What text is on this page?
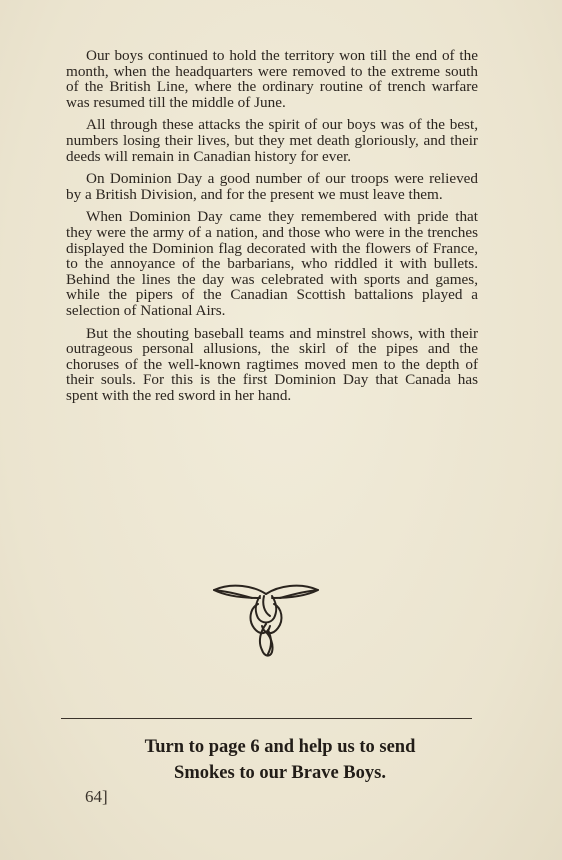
Our boys continued to hold the territory won till the end of the month, when the headquarters were removed to the extreme south of the British Line, where the ordinary routine of trench warfare was resumed till the middle of June.

All through these attacks the spirit of our boys was of the best, numbers losing their lives, but they met death gloriously, and their deeds will remain in Canadian history for ever.

On Dominion Day a good number of our troops were relieved by a British Division, and for the present we must leave them.

When Dominion Day came they remembered with pride that they were the army of a nation, and those who were in the trenches displayed the Dominion flag decorated with the flowers of France, to the annoyance of the barbarians, who riddled it with bullets. Behind the lines the day was celebrated with sports and games, while the pipers of the Canadian Scottish battalions played a selection of National Airs.

But the shouting baseball teams and minstrel shows, with their outrageous personal allusions, the skirl of the pipes and the choruses of the well-known ragtimes moved men to the depth of their souls. For this is the first Dominion Day that Canada has spent with the red sword in her hand.

Turn to page 6 and help us to send
Smokes to our Brave Boys.
64]
